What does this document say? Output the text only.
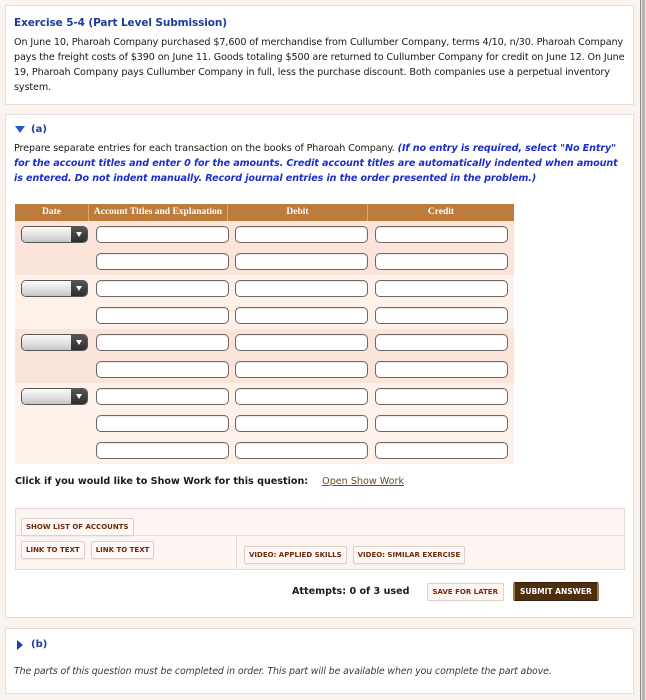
Exercise 5-4 (Part Level Submission)
On June 10, Pharoah Company purchased $7,600 of merchandise from Cullumber Company, terms 4/10, n/30. Pharoah Company pays the freight costs of $390 on June 11. Goods totaling $500 are returned to Cullumber Company for credit on June 12. On June 19, Pharoah Company pays Cullumber Company in full, less the purchase discount. Both companies use a perpetual inventory system.
(a)
Prepare separate entries for each transaction on the books of Pharoah Company. (If no entry is required, select "No Entry" for the account titles and enter 0 for the amounts. Credit account titles are automatically indented when amount is entered. Do not indent manually. Record journal entries in the order presented in the problem.)
Date	Account Titles and Explanation	Debit	Credit
Click if you would like to Show Work for this question: Open Show Work
SHOW LIST OF ACCOUNTS
LINK TO TEXT	LINK TO TEXT
VIDEO: APPLIED SKILLS	VIDEO: SIMILAR EXERCISE
Attempts: 0 of 3 used	SAVE FOR LATER	SUBMIT ANSWER
(b)
The parts of this question must be completed in order. This part will be available when you complete the part above.
